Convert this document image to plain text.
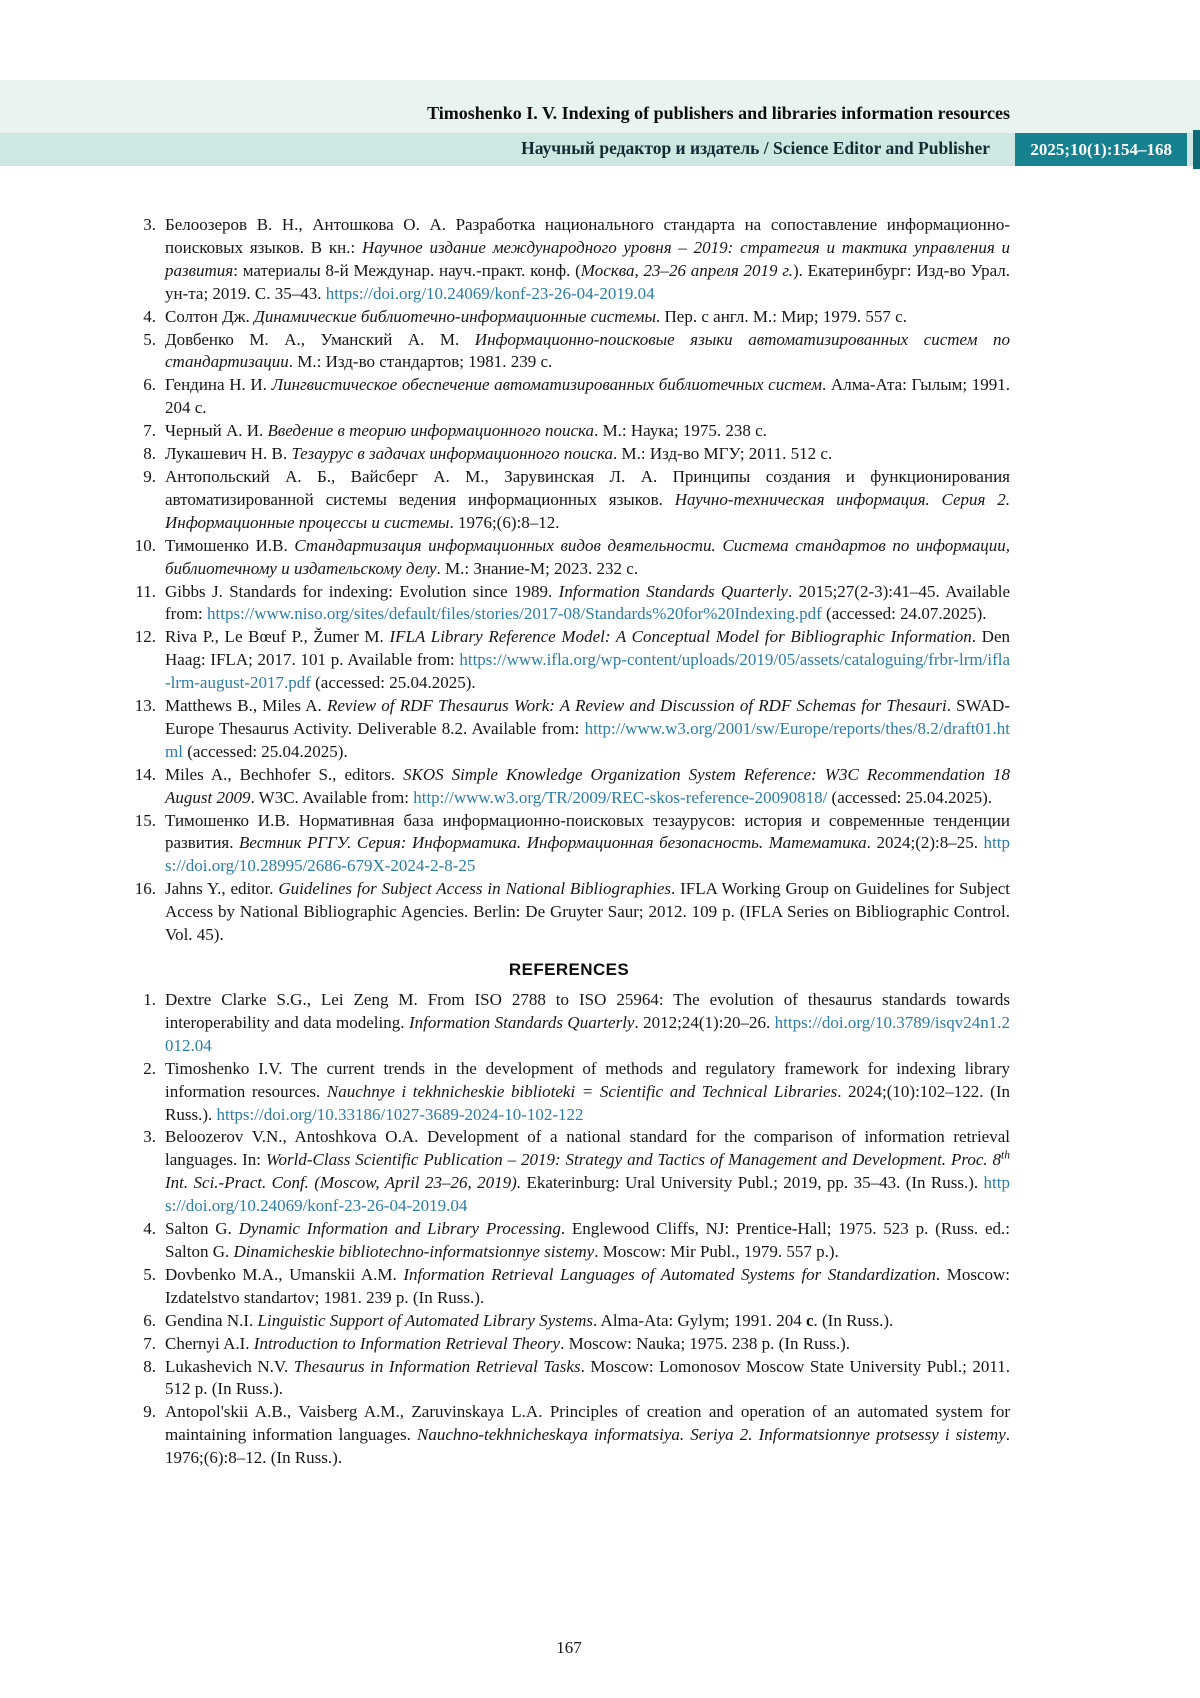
Timoshenko I. V. Indexing of publishers and libraries information resources
Научный редактор и издатель / Science Editor and Publisher	2025;10(1):154–168
3. Белоозеров В. Н., Антошкова О. А. Разработка национального стандарта на сопоставление информационно-поисковых языков. В кн.: Научное издание международного уровня – 2019: стратегия и тактика управления и развития: материалы 8-й Междунар. науч.-практ. конф. (Москва, 23–26 апреля 2019 г.). Екатеринбург: Изд-во Урал. ун-та; 2019. С. 35–43. https://doi.org/10.24069/konf-23-26-04-2019.04
4. Солтон Дж. Динамические библиотечно-информационные системы. Пер. с англ. М.: Мир; 1979. 557 с.
5. Довбенко М. А., Уманский А. М. Информационно-поисковые языки автоматизированных систем по стандартизации. М.: Изд-во стандартов; 1981. 239 с.
6. Гендина Н. И. Лингвистическое обеспечение автоматизированных библиотечных систем. Алма-Ата: Гылым; 1991. 204 с.
7. Черный А. И. Введение в теорию информационного поиска. М.: Наука; 1975. 238 с.
8. Лукашевич Н. В. Тезаурус в задачах информационного поиска. М.: Изд-во МГУ; 2011. 512 с.
9. Антопольский А. Б., Вайсберг А. М., Зарувинская Л. А. Принципы создания и функционирования автоматизированной системы ведения информационных языков. Научно-техническая информация. Серия 2. Информационные процессы и системы. 1976;(6):8–12.
10. Тимошенко И.В. Стандартизация информационных видов деятельности. Система стандартов по информации, библиотечному и издательскому делу. М.: Знание-М; 2023. 232 с.
11. Gibbs J. Standards for indexing: Evolution since 1989. Information Standards Quarterly. 2015;27(2-3):41–45. Available from: https://www.niso.org/sites/default/files/stories/2017-08/Standards%20for%20Indexing.pdf (accessed: 24.07.2025).
12. Riva P., Le Bœuf P., Žumer M. IFLA Library Reference Model: A Conceptual Model for Bibliographic Information. Den Haag: IFLA; 2017. 101 p. Available from: https://www.ifla.org/wp-content/uploads/2019/05/assets/cataloguing/frbr-lrm/ifla-lrm-august-2017.pdf (accessed: 25.04.2025).
13. Matthews B., Miles A. Review of RDF Thesaurus Work: A Review and Discussion of RDF Schemas for Thesauri. SWAD-Europe Thesaurus Activity. Deliverable 8.2. Available from: http://www.w3.org/2001/sw/Europe/reports/thes/8.2/draft01.html (accessed: 25.04.2025).
14. Miles A., Bechhofer S., editors. SKOS Simple Knowledge Organization System Reference: W3C Recommendation 18 August 2009. W3C. Available from: http://www.w3.org/TR/2009/REC-skos-reference-20090818/ (accessed: 25.04.2025).
15. Тимошенко И.В. Нормативная база информационно-поисковых тезаурусов: история и современные тенденции развития. Вестник РГГУ. Серия: Информатика. Информационная безопасность. Математика. 2024;(2):8–25. https://doi.org/10.28995/2686-679X-2024-2-8-25
16. Jahns Y., editor. Guidelines for Subject Access in National Bibliographies. IFLA Working Group on Guidelines for Subject Access by National Bibliographic Agencies. Berlin: De Gruyter Saur; 2012. 109 p. (IFLA Series on Bibliographic Control. Vol. 45).
REFERENCES
1. Dextre Clarke S.G., Lei Zeng M. From ISO 2788 to ISO 25964: The evolution of thesaurus standards towards interoperability and data modeling. Information Standards Quarterly. 2012;24(1):20–26. https://doi.org/10.3789/isqv24n1.2012.04
2. Timoshenko I.V. The current trends in the development of methods and regulatory framework for indexing library information resources. Nauchnye i tekhnicheskie biblioteki = Scientific and Technical Libraries. 2024;(10):102–122. (In Russ.). https://doi.org/10.33186/1027-3689-2024-10-102-122
3. Beloozerov V.N., Antoshkova O.A. Development of a national standard for the comparison of information retrieval languages. In: World-Class Scientific Publication – 2019: Strategy and Tactics of Management and Development. Proc. 8th Int. Sci.-Pract. Conf. (Moscow, April 23–26, 2019). Ekaterinburg: Ural University Publ.; 2019, pp. 35–43. (In Russ.). https://doi.org/10.24069/konf-23-26-04-2019.04
4. Salton G. Dynamic Information and Library Processing. Englewood Cliffs, NJ: Prentice-Hall; 1975. 523 p. (Russ. ed.: Salton G. Dinamicheskie bibliotechno-informatsionnye sistemy. Moscow: Mir Publ., 1979. 557 p.).
5. Dovbenko M.A., Umanskii A.M. Information Retrieval Languages of Automated Systems for Standardization. Moscow: Izdatelstvo standartov; 1981. 239 p. (In Russ.).
6. Gendina N.I. Linguistic Support of Automated Library Systems. Alma-Ata: Gylym; 1991. 204 c. (In Russ.).
7. Chernyi A.I. Introduction to Information Retrieval Theory. Moscow: Nauka; 1975. 238 p. (In Russ.).
8. Lukashevich N.V. Thesaurus in Information Retrieval Tasks. Moscow: Lomonosov Moscow State University Publ.; 2011. 512 p. (In Russ.).
9. Antopol'skii A.B., Vaisberg A.M., Zaruvinskaya L.A. Principles of creation and operation of an automated system for maintaining information languages. Nauchno-tekhnicheskaya informatsiya. Seriya 2. Informatsionnye protsessy i sistemy. 1976;(6):8–12. (In Russ.).
167
